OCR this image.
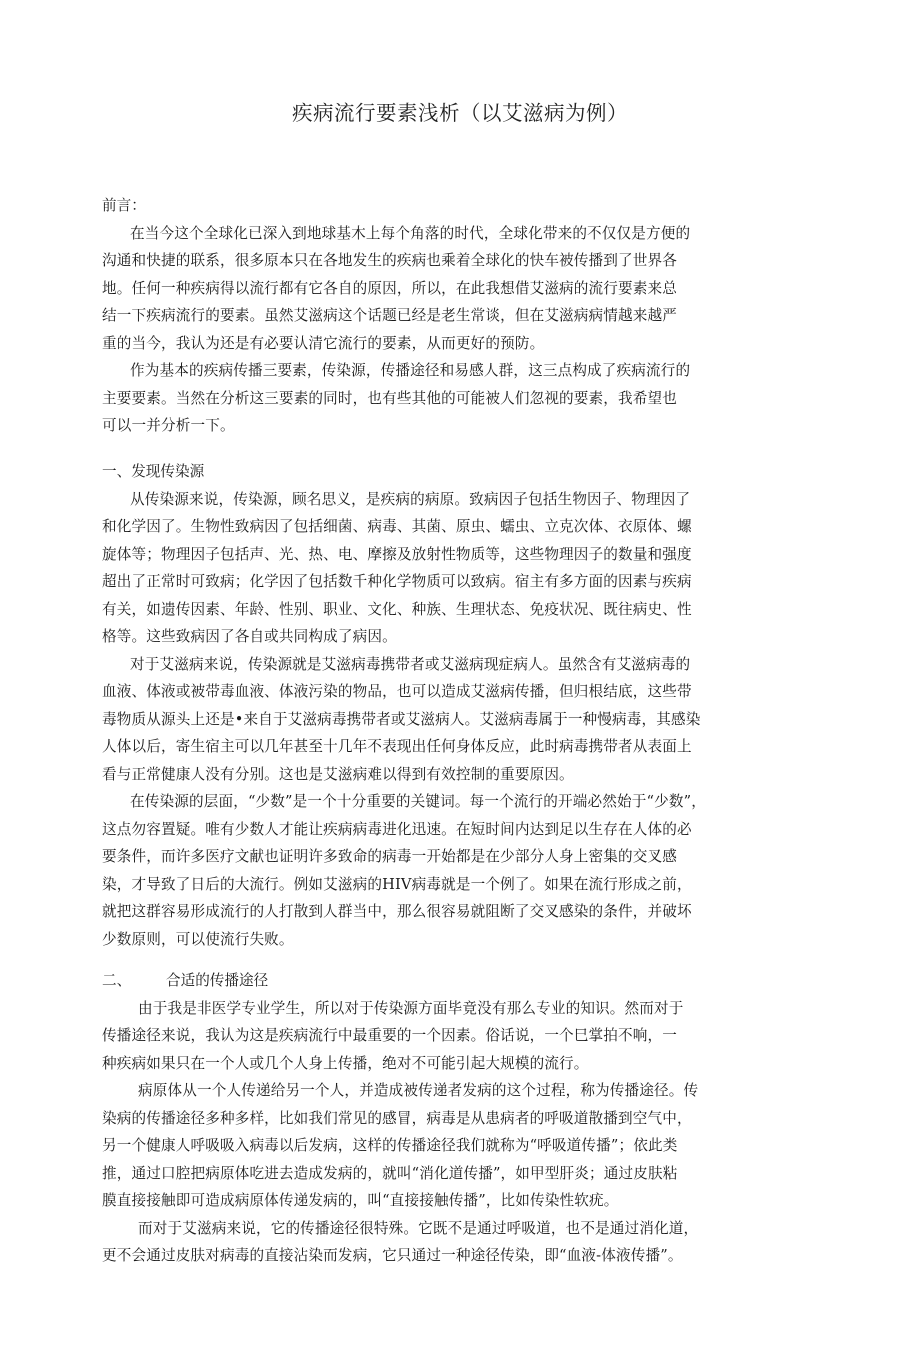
疾病流行要素浅析（以艾滋病为例）
前言：
在当今这个全球化已深入到地球基木上每个角落的时代，全球化带来的不仅仅是方便的
沟通和快捷的联系，很多原本只在各地发生的疾病也乘着全球化的快车被传播到了世界各
地。任何一种疾病得以流行都有它各自的原因，所以，在此我想借艾滋病的流行要素来总
结一下疾病流行的要素。虽然艾滋病这个话题已经是老生常谈，但在艾滋病病情越来越严
重的当今，我认为还是有必要认清它流行的要素，从而更好的预防。
作为基本的疾病传播三要素，传染源，传播途径和易感人群，这三点构成了疾病流行的
主要要素。当然在分析这三要素的同时，也有些其他的可能被人们忽视的要素，我希望也
可以一并分析一下。
一、发现传染源
从传染源来说，传染源，顾名思义，是疾病的病原。致病因子包括生物因子、物理因了
和化学因了。生物性致病因了包括细菌、病毒、其菌、原虫、蠕虫、立克次体、衣原体、螺
旋体等；物理因子包括声、光、热、电、摩擦及放射性物质等，这些物理因子的数量和强度
超出了正常时可致病；化学因了包括数千种化学物质可以致病。宿主有多方面的因素与疾病
有关，如遗传因素、年龄、性别、职业、文化、种族、生理状态、免疫状况、既往病史、性
格等。这些致病因了各自或共同构成了病因。
对于艾滋病来说，传染源就是艾滋病毒携带者或艾滋病现症病人。虽然含有艾滋病毒的
血液、体液或被带毒血液、体液污染的物品，也可以造成艾滋病传播，但归根结底，这些带
毒物质从源头上还是•来自于艾滋病毒携带者或艾滋病人。艾滋病毒属于一种慢病毒，其感染
人体以后，寄生宿主可以几年甚至十几年不表现出任何身体反应，此时病毒携带者从表面上
看与正常健康人没有分别。这也是艾滋病难以得到有效控制的重要原因。
在传染源的层面，“少数”是一个十分重要的关键词。每一个流行的开端必然始于“少数”，
这点勿容置疑。唯有少数人才能让疾病病毒进化迅速。在短时间内达到足以生存在人体的必
要条件，而许多医疗文献也证明许多致命的病毒一开始都是在少部分人身上密集的交叉感
染，才导致了日后的大流行。例如艾滋病的HIV病毒就是一个例了。如果在流行形成之前，
就把这群容易形成流行的人打散到人群当中，那么很容易就阻断了交叉感染的条件，并破坏
少数原则，可以使流行失败。
二、 合适的传播途径
由于我是非医学专业学生，所以对于传染源方面毕竟没有那么专业的知识。然而对于
传播途径来说，我认为这是疾病流行中最重要的一个因素。俗话说，一个巳掌拍不响，一
种疾病如果只在一个人或几个人身上传播，绝对不可能引起大规模的流行。
病原体从一个人传递给另一个人，并造成被传递者发病的这个过程，称为传播途径。传
染病的传播途径多种多样，比如我们常见的感冒，病毒是从患病者的呼吸道散播到空气中，
另一个健康人呼吸吸入病毒以后发病，这样的传播途径我们就称为“呼吸道传播”；依此类
推，通过口腔把病原体吃进去造成发病的，就叫“消化道传播”，如甲型肝炎；通过皮肤粘
膜直接接触即可造成病原体传递发病的，叫“直接接触传播”，比如传染性软疣。
而对于艾滋病来说，它的传播途径很特殊。它既不是通过呼吸道，也不是通过消化道，
更不会通过皮肤对病毒的直接沾染而发病，它只通过一种途径传染，即“血液-体液传播”。
